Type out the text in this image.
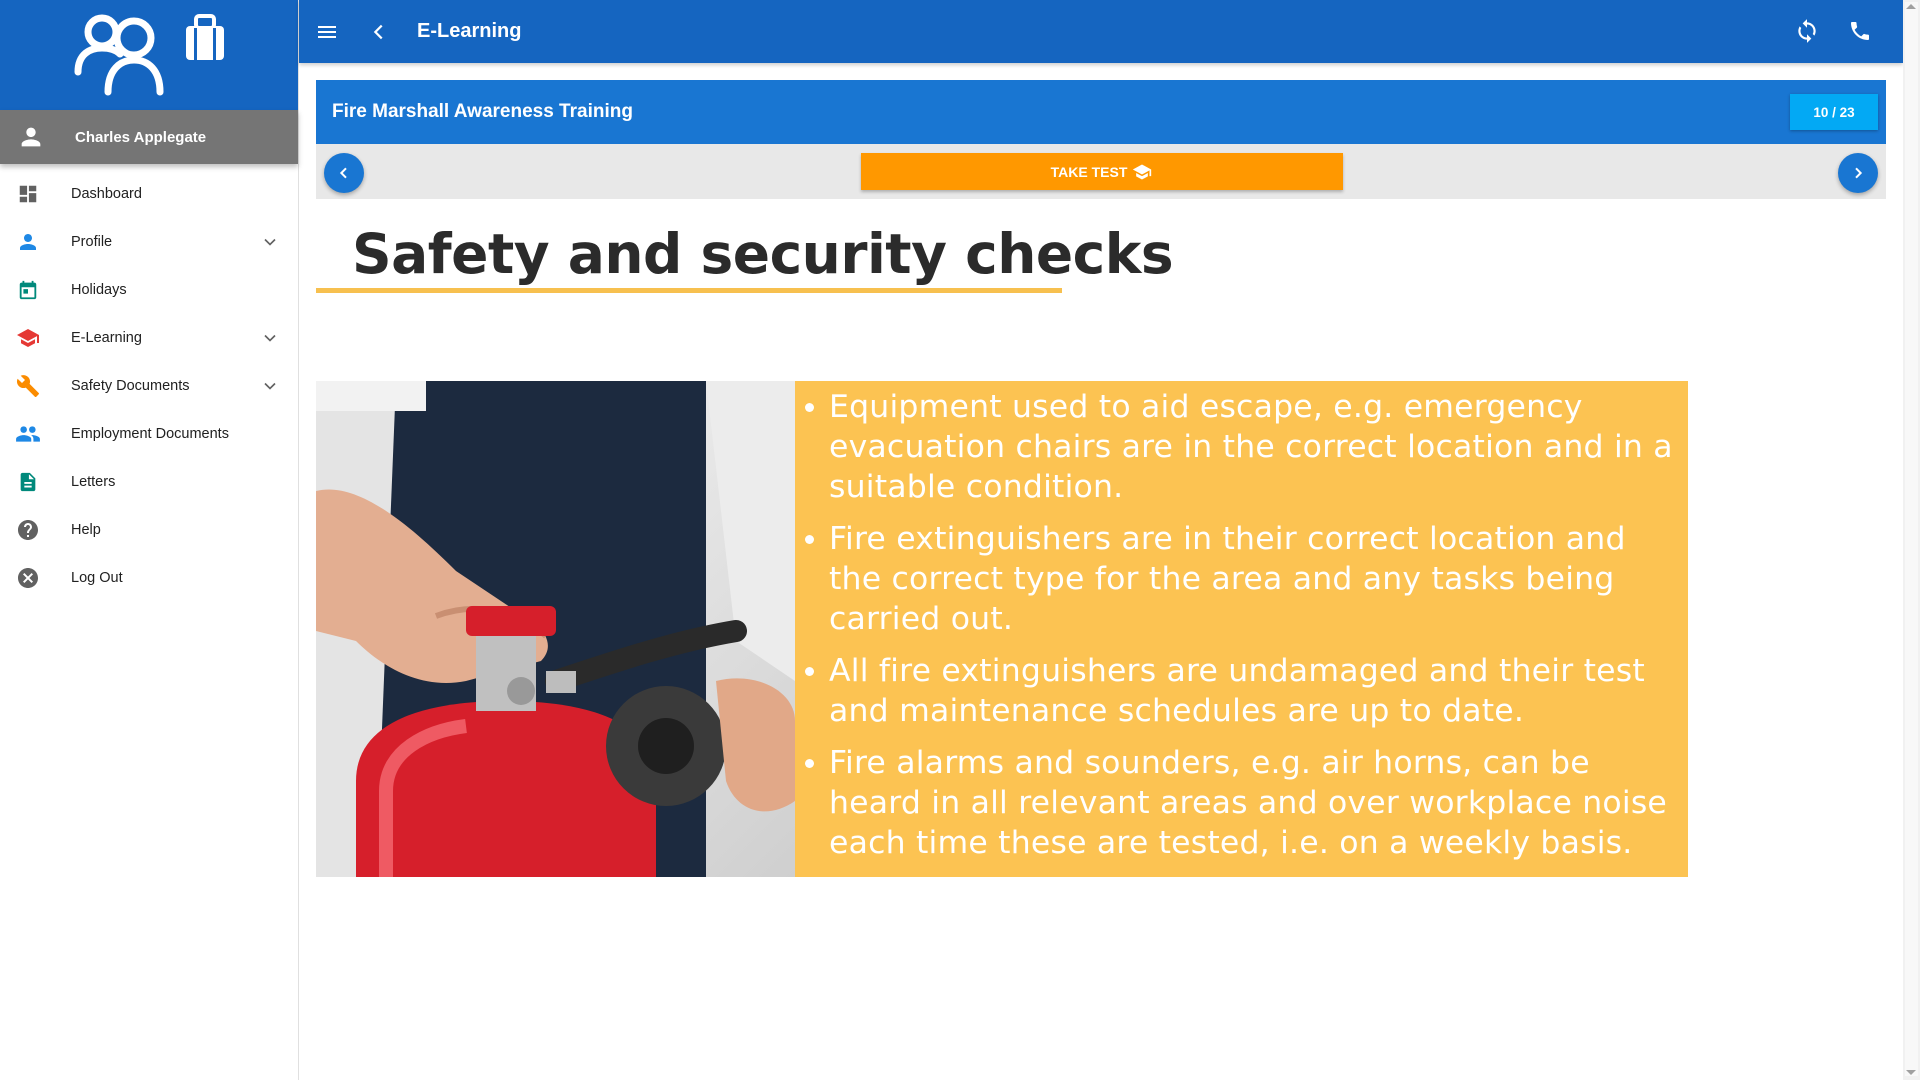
Charles Applegate
Dashboard
Profile
Holidays
E-Learning
Safety Documents
Employment Documents
Letters
Help
Log Out
E-Learning
Fire Marshall Awareness Training	10 / 23
TAKE TEST
Safety and security checks
Equipment used to aid escape, e.g. emergency evacuation chairs are in the correct location and in a suitable condition.
Fire extinguishers are in their correct location and the correct type for the area and any tasks being carried out.
All fire extinguishers are undamaged and their test and maintenance schedules are up to date.
Fire alarms and sounders, e.g. air horns, can be heard in all relevant areas and over workplace noise each time these are tested, i.e. on a weekly basis.
